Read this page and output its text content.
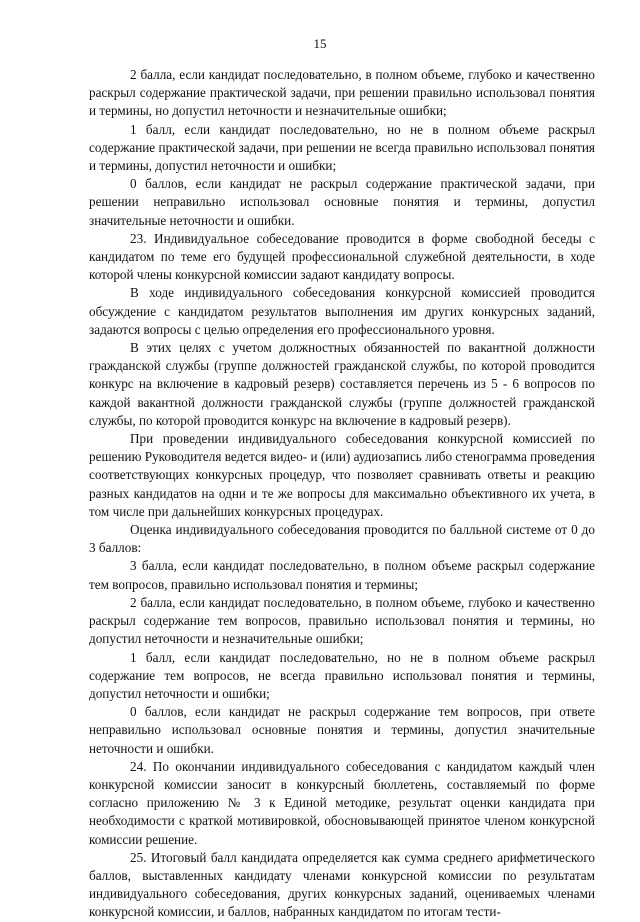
15

2 балла, если кандидат последовательно, в полном объеме, глубоко и качественно раскрыл содержание практической задачи, при решении правильно использовал понятия и термины, но допустил неточности и незначительные ошибки;

1 балл, если кандидат последовательно, но не в полном объеме раскрыл содержание практической задачи, при решении не всегда правильно использовал понятия и термины, допустил неточности и ошибки;

0 баллов, если кандидат не раскрыл содержание практической задачи, при решении неправильно использовал основные понятия и термины, допустил значительные неточности и ошибки.

23. Индивидуальное собеседование проводится в форме свободной беседы с кандидатом по теме его будущей профессиональной служебной деятельности, в ходе которой члены конкурсной комиссии задают кандидату вопросы.

В ходе индивидуального собеседования конкурсной комиссией проводится обсуждение с кандидатом результатов выполнения им других конкурсных заданий, задаются вопросы с целью определения его профессионального уровня.

В этих целях с учетом должностных обязанностей по вакантной должности гражданской службы (группе должностей гражданской службы, по которой проводится конкурс на включение в кадровый резерв) составляется перечень из 5 - 6 вопросов по каждой вакантной должности гражданской службы (группе должностей гражданской службы, по которой проводится конкурс на включение в кадровый резерв).

При проведении индивидуального собеседования конкурсной комиссией по решению Руководителя ведется видео- и (или) аудиозапись либо стенограмма проведения соответствующих конкурсных процедур, что позволяет сравнивать ответы и реакцию разных кандидатов на одни и те же вопросы для максимально объективного их учета, в том числе при дальнейших конкурсных процедурах.

Оценка индивидуального собеседования проводится по балльной системе от 0 до 3 баллов:

3 балла, если кандидат последовательно, в полном объеме раскрыл содержание тем вопросов, правильно использовал понятия и термины;

2 балла, если кандидат последовательно, в полном объеме, глубоко и качественно раскрыл содержание тем вопросов, правильно использовал понятия и термины, но допустил неточности и незначительные ошибки;

1 балл, если кандидат последовательно, но не в полном объеме раскрыл содержание тем вопросов, не всегда правильно использовал понятия и термины, допустил неточности и ошибки;

0 баллов, если кандидат не раскрыл содержание тем вопросов, при ответе неправильно использовал основные понятия и термины, допустил значительные неточности и ошибки.

24. По окончании индивидуального собеседования с кандидатом каждый член конкурсной комиссии заносит в конкурсный бюллетень, составляемый по форме согласно приложению № 3 к Единой методике, результат оценки кандидата при необходимости с краткой мотивировкой, обосновывающей принятое членом конкурсной комиссии решение.

25. Итоговый балл кандидата определяется как сумма среднего арифметического баллов, выставленных кандидату членами конкурсной комиссии по результатам индивидуального собеседования, других конкурсных заданий, оцениваемых членами конкурсной комиссии, и баллов, набранных кандидатом по итогам тести-
